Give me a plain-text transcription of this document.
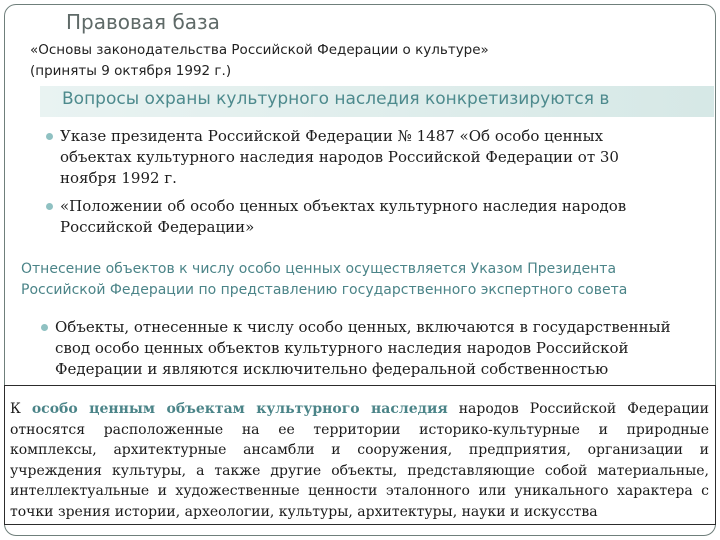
Правовая база
«Основы законодательства Российской Федерации о культуре»
(приняты 9 октября 1992 г.)
Вопросы охраны культурного наследия конкретизируются в
Указе президента Российской Федерации № 1487 «Об особо ценных
объектах культурного наследия народов Российской Федерации от 30
ноября 1992 г.
«Положении об особо ценных объектах культурного наследия народов
Российской Федерации»
Отнесение объектов к числу особо ценных осуществляется Указом Президента
Российской Федерации по представлению государственного экспертного совета
Объекты, отнесенные к числу особо ценных, включаются в государственный
свод особо ценных объектов культурного наследия народов Российской
Федерации и являются исключительно федеральной собственностью
К особо ценным объектам культурного наследия народов Российской Федерации
относятся расположенные на ее территории историко-культурные и природные
комплексы, архитектурные ансамбли и сооружения, предприятия, организации и
учреждения культуры, а также другие объекты, представляющие собой материальные,
интеллектуальные и художественные ценности эталонного или уникального характера с
точки зрения истории, археологии, культуры, архитектуры, науки и искусства
